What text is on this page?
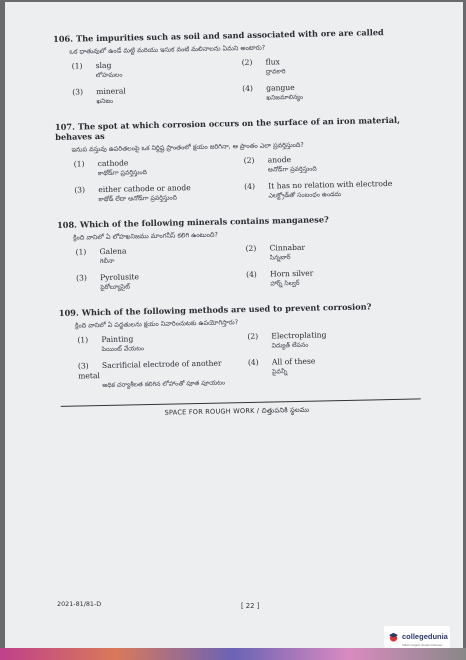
106. The impurities such as soil and sand associated with ore are called
ఒక ధాతువులో ఉండే మట్టి మరియు ఇసుక వంటి మలినాలను ఏమని అంటారు?
(1) slag
లోహమలం
(2) flux
ద్రావకారి
(3) mineral
ఖనిజం
(4) gangue
ఖనిజమాలిన్యం
107. The spot at which corrosion occurs on the surface of an iron material, behaves as
ఇనుప వస్తువు ఉపరితలంపై ఒక నిర్దిష్ట ప్రాంతంలో క్షయం జరిగినా, ఆ ప్రాంతం ఎలా ప్రవర్తిస్తుంది?
(1) cathode
కాథోడ్‌గా ప్రవర్తిస్తుంది
(2) anode
ఆనోడ్‌గా ప్రవర్తిస్తుంది
(3) either cathode or anode
కాథోడ్ లేదా ఆనోడ్‌గా ప్రవర్తిస్తుంది
(4) It has no relation with electrode
ఎలక్ట్రోడ్‌తో సంబంధం ఉండదు
108. Which of the following minerals contains manganese?
క్రింది వానిలో ఏ లోహఖనిజము మాంగనీస్ కలిగి ఉంటుంది?
(1) Galena
గెలీనా
(2) Cinnabar
సిన్నబార్
(3) Pyrolusite
పైరోల్యూసైట్
(4) Horn silver
హార్న్ సిల్వర్
109. Which of the following methods are used to prevent corrosion?
క్రింది వానిలో ఏ పద్ధతులను క్షయం నివారించుటకు ఉపయోగిస్తారు?
(1) Painting
పెయింట్ వేయటం
(2) Electroplating
విద్యుత్ లేపనం
(3) Sacrificial electrode of another metal
అధిక చర్యాశీలత కలిగిన లోహాంతో పూత పూయటం
(4) All of these
పైవన్నీ
SPACE FOR ROUGH WORK / చిత్తుపనికి స్థలము
2021-81/81-D	[ 22 ]
collegedunia
India's largest Student Review
